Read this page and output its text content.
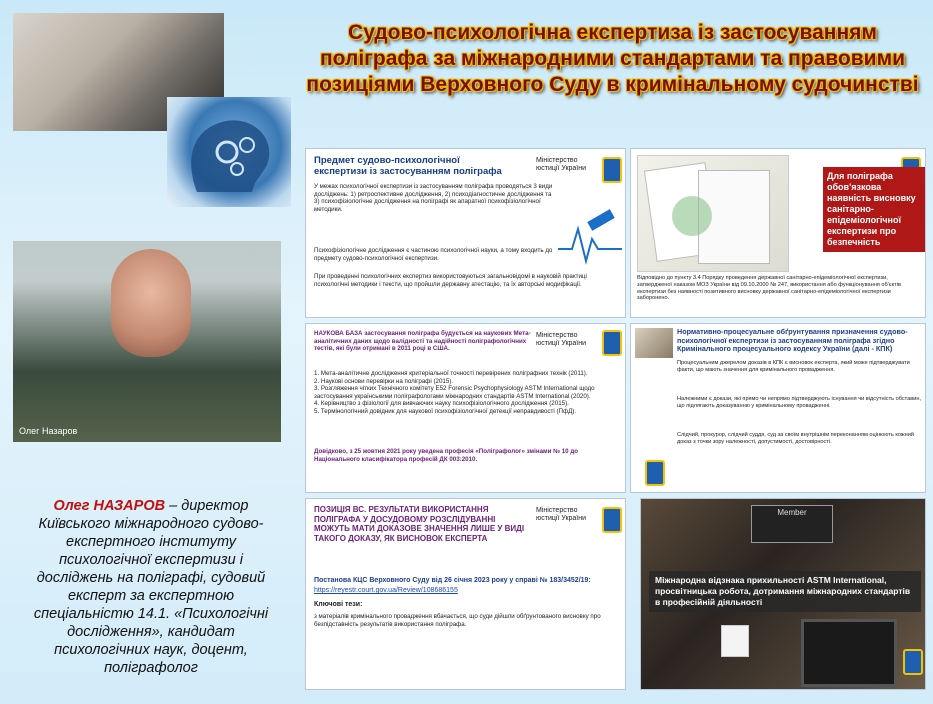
Судово-психологічна експертиза із застосуванням поліграфа за міжнародними стандартами та правовими позиціями Верховного Суду в кримінальному судочинстві
Олег Назаров
Олег НАЗАРОВ – директор Київського міжнародного судово-експертного інституту психологічної експертизи і досліджень на поліграфі, судовий експерт за експертною спеціальністю 14.1. «Психологічні дослідження», кандидат психологічних наук, доцент, поліграфолог
Предмет судово-психологічної експертизи із застосуванням поліграфа
Міністерство юстиції України
У межах психологічної експертизи із застосуванням поліграфа проводяться 3 види досліджень: 1) ретроспективне дослідження, 2) психодіагностичне дослідження та 3) психофізіологічне дослідження на поліграфі як апаратної психофізіологічної методики.
Психофізіологічне дослідження є частиною психологічної науки, а тому входить до предмету судово-психологічної експертизи.
При проведенні психологічних експертиз використовуються загальновідомі в науковій практиці психологічні методики і тексти, що пройшли державну атестацію, та їх авторські модифікації.
Для поліграфа обов'язкова наявність висновку санітарно-епідеміологічної експертизи про безпечність
Відповідно до пункту 3.4 Порядку проведення державної санітарно-епідеміологічної експертизи, затвердженої наказом МОЗ України від 09.10.2000 № 247, використання або функціонування об'єктів експертизи без наявності позитивного висновку державної санітарно-епідеміологічної експертизи заборонено.
Міністерство юстиції України
НАУКОВА БАЗА застосування поліграфа будується на наукових Мета-аналітичних даних щодо валідності та надійності поліграфологічних тестів, які були отримані в 2011 році в США.
1. Мета-аналітичне дослідження критеріальної точності перевірених поліграфних технік (2011).
2. Наукові основи перевірки на поліграфі (2015).
3. Розгляження чітких Технічного комітету Е52 Forensic Psychophysiology ASTM International щодо застосування українськими поліграфологами міжнародних стандартів ASTM International (2020).
4. Керівництво з фізіології для вивчаючих науку психофізіологічного дослідження (2015).
5. Термінологічний довідник для наукової психофізіологічної детекції неправдивості (ПфД).
Довідково, з 25 жовтня 2021 року уведена професія «Поліграфолог» змінами № 10 до Національного класифікатора професій ДК 003:2010.
Нормативно-процесуальне обґрунтування призначення судово-психологічної експертизи із застосуванням поліграфа згідно Кримінального процесуального кодексу України (далі - КПК)
Процесуальним джерелом доказів в КПК є висновок експерта, який може підтверджувати факти, що мають значення для кримінального провадження.
Належними є докази, які прямо чи непрямо підтверджують існування чи відсутність обставин, що підлягають доказуванню у кримінальному провадженні.
Слідчий, прокурор, слідчий суддя, суд за своїм внутрішнім переконанням оцінюють кожний доказ з точки зору належності, допустимості, достовірності.
ПОЗИЦІЯ ВС. РЕЗУЛЬТАТИ ВИКОРИСТАННЯ ПОЛІГРАФА У ДОСУДОВОМУ РОЗСЛІДУВАННІ МОЖУТЬ МАТИ ДОКАЗОВЕ ЗНАЧЕННЯ ЛИШЕ У ВИДІ ТАКОГО ДОКАЗУ, ЯК ВИСНОВОК ЕКСПЕРТА
Міністерство юстиції України
Постанова КЦС Верховного Суду від 26 січня 2023 року у справі № 183/3452/19:
https://reyestr.court.gov.ua/Review/108686155
Ключові тези:
з матеріалів кримінального провадження вбачається, що суди дійшли обґрунтованого висновку про безпідставність результатів використання поліграфа.
Member
Міжнародна відзнака прихильності ASTM International, просвітницька робота, дотримання міжнародних стандартів в професійній діяльності
